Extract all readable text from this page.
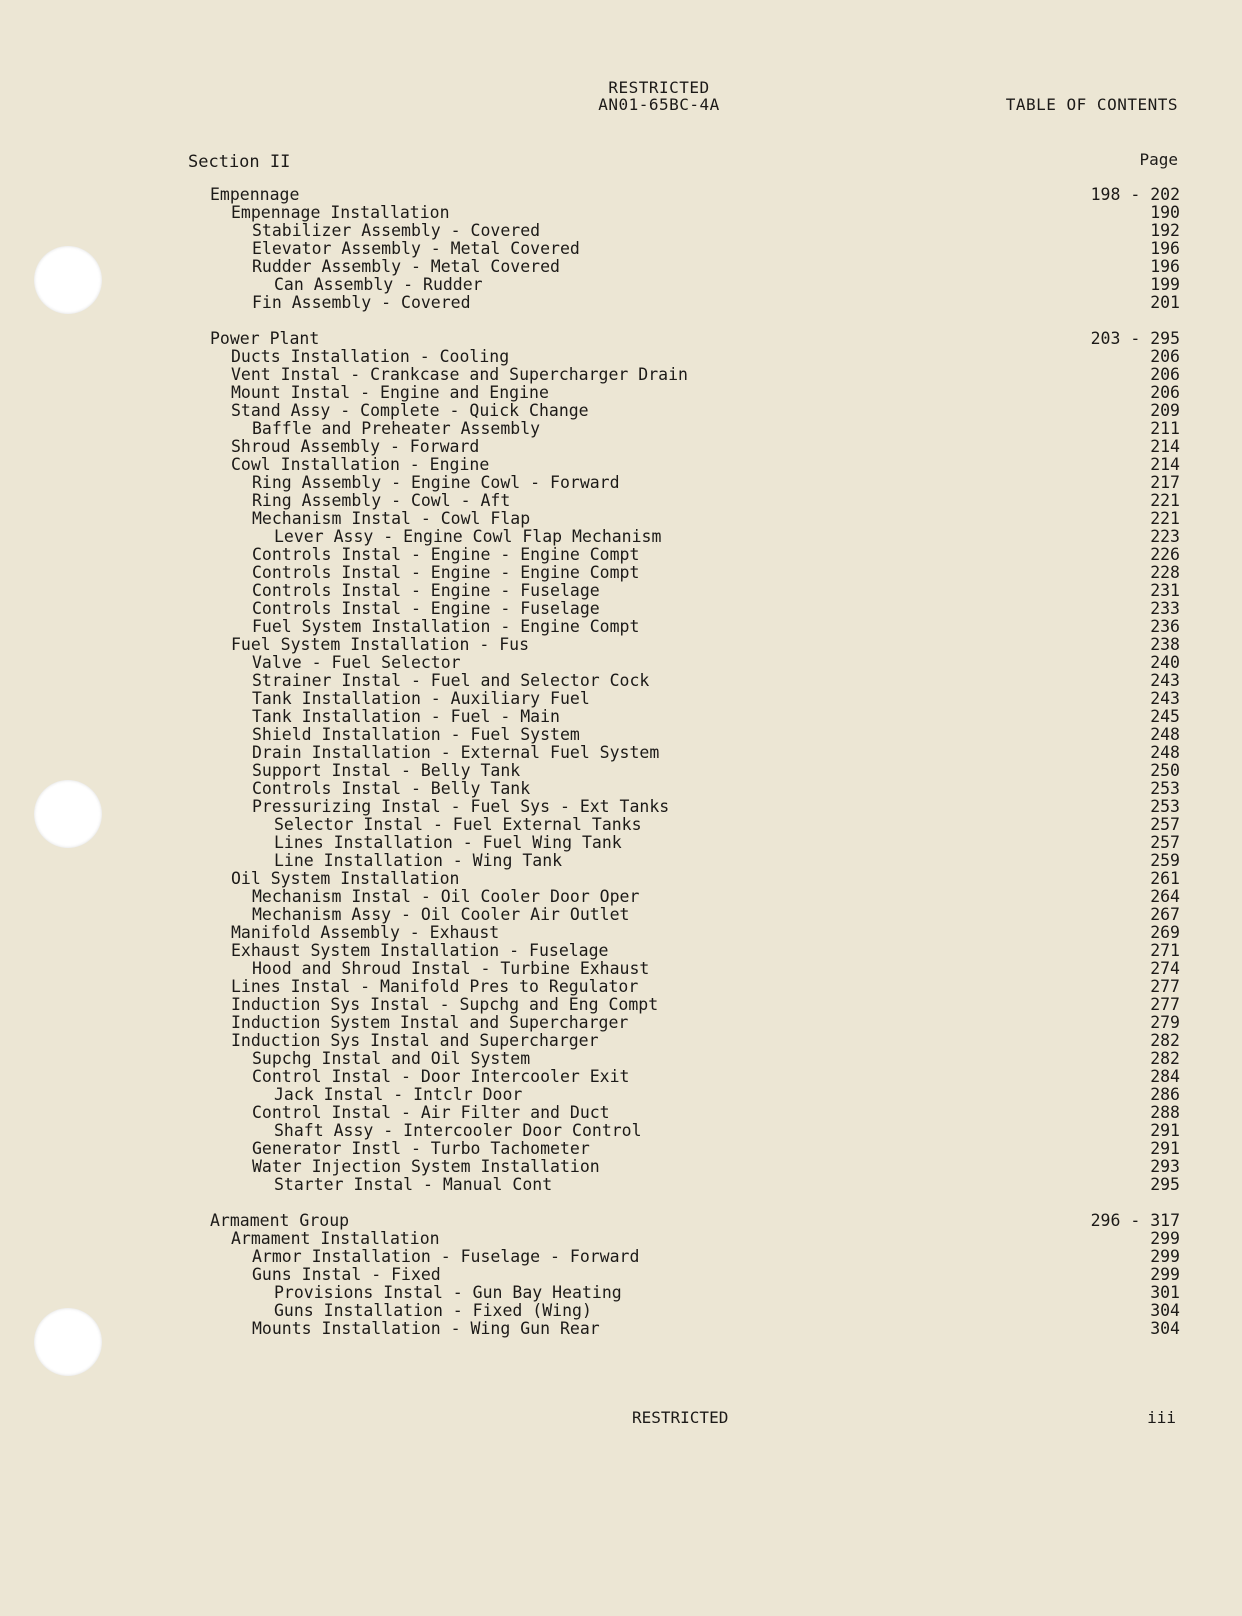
RESTRICTED
AN01-65BC-4A	TABLE OF CONTENTS
Section II	Page
Empennage	198 - 202
Empennage Installation	190
Stabilizer Assembly - Covered	192
Elevator Assembly - Metal Covered	196
Rudder Assembly - Metal Covered	196
Can Assembly - Rudder	199
Fin Assembly - Covered	201
Power Plant	203 - 295
Ducts Installation - Cooling	206
Vent Instal - Crankcase and Supercharger Drain	206
Mount Instal - Engine and Engine	206
Stand Assy - Complete - Quick Change	209
Baffle and Preheater Assembly	211
Shroud Assembly - Forward	214
Cowl Installation - Engine	214
Ring Assembly - Engine Cowl - Forward	217
Ring Assembly - Cowl - Aft	221
Mechanism Instal - Cowl Flap	221
Lever Assy - Engine Cowl Flap Mechanism	223
Controls Instal - Engine - Engine Compt	226
Controls Instal - Engine - Engine Compt	228
Controls Instal - Engine - Fuselage	231
Controls Instal - Engine - Fuselage	233
Fuel System Installation - Engine Compt	236
Fuel System Installation - Fus	238
Valve - Fuel Selector	240
Strainer Instal - Fuel and Selector Cock	243
Tank Installation - Auxiliary Fuel	243
Tank Installation - Fuel - Main	245
Shield Installation - Fuel System	248
Drain Installation - External Fuel System	248
Support Instal - Belly Tank	250
Controls Instal - Belly Tank	253
Pressurizing Instal - Fuel Sys - Ext Tanks	253
Selector Instal - Fuel External Tanks	257
Lines Installation - Fuel Wing Tank	257
Line Installation - Wing Tank	259
Oil System Installation	261
Mechanism Instal - Oil Cooler Door Oper	264
Mechanism Assy - Oil Cooler Air Outlet	267
Manifold Assembly - Exhaust	269
Exhaust System Installation - Fuselage	271
Hood and Shroud Instal - Turbine Exhaust	274
Lines Instal - Manifold Pres to Regulator	277
Induction Sys Instal - Supchg and Eng Compt	277
Induction System Instal and Supercharger	279
Induction Sys Instal and Supercharger	282
Supchg Instal and Oil System	282
Control Instal - Door Intercooler Exit	284
Jack Instal - Intclr Door	286
Control Instal - Air Filter and Duct	288
Shaft Assy - Intercooler Door Control	291
Generator Instl - Turbo Tachometer	291
Water Injection System Installation	293
Starter Instal - Manual Cont	295
Armament Group	296 - 317
Armament Installation	299
Armor Installation - Fuselage - Forward	299
Guns Instal - Fixed	299
Provisions Instal - Gun Bay Heating	301
Guns Installation - Fixed (Wing)	304
Mounts Installation - Wing Gun Rear	304
RESTRICTED	iii
